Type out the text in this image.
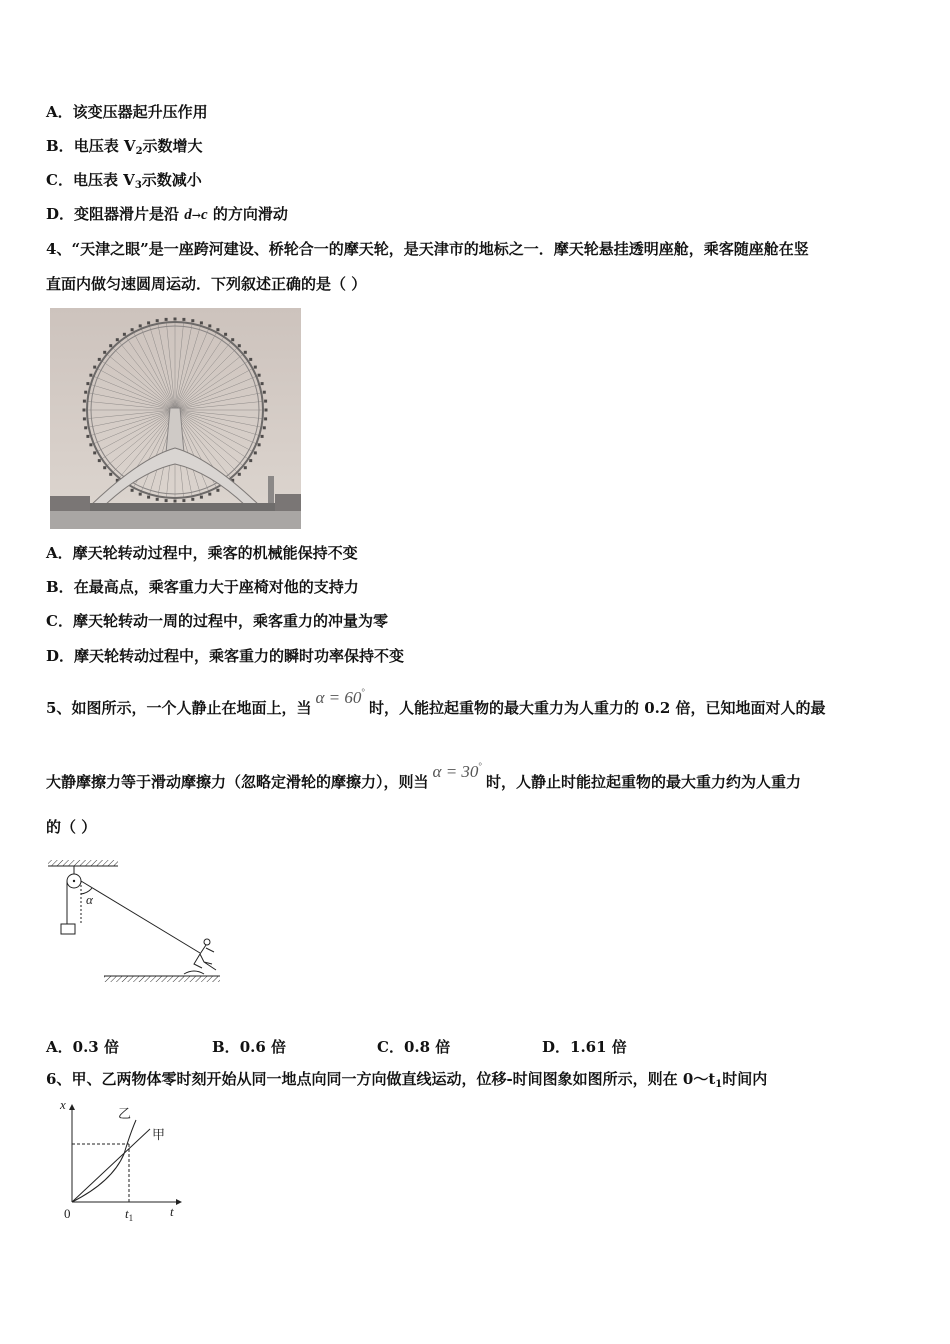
A．该变压器起升压作用
B．电压表 $V_2$示数增大
C．电压表 $V_3$示数减小
D．变阻器滑片是沿 d→c 的方向滑动
4、“天津之眼”是一座跨河建设、桥轮合一的摩天轮，是天津市的地标之一．摩天轮悬挂透明座舱，乘客随座舱在竖
直面内做匀速圆周运动．下列叙述正确的是（ ）
A．摩天轮转动过程中，乘客的机械能保持不变
B．在最高点，乘客重力大于座椅对他的支持力
C．摩天轮转动一周的过程中，乘客重力的冲量为零
D．摩天轮转动过程中，乘客重力的瞬时功率保持不变
5、如图所示，一个人静止在地面上，当α = 60°时，人能拉起重物的最大重力为人重力的 0.2 倍，已知地面对人的最
大静摩擦力等于滑动摩擦力（忽略定滑轮的摩擦力），则当α = 30°时，人静止时能拉起重物的最大重力约为人重力
的（ ）
α
A．0.3 倍	B．0.6 倍	C．0.8 倍	D．1.61 倍
6、甲、乙两物体零时刻开始从同一地点向同一方向做直线运动，位移-时间图象如图所示，则在 $0\sim t_1$时间内
x
t
0	$t_1$
乙
甲
